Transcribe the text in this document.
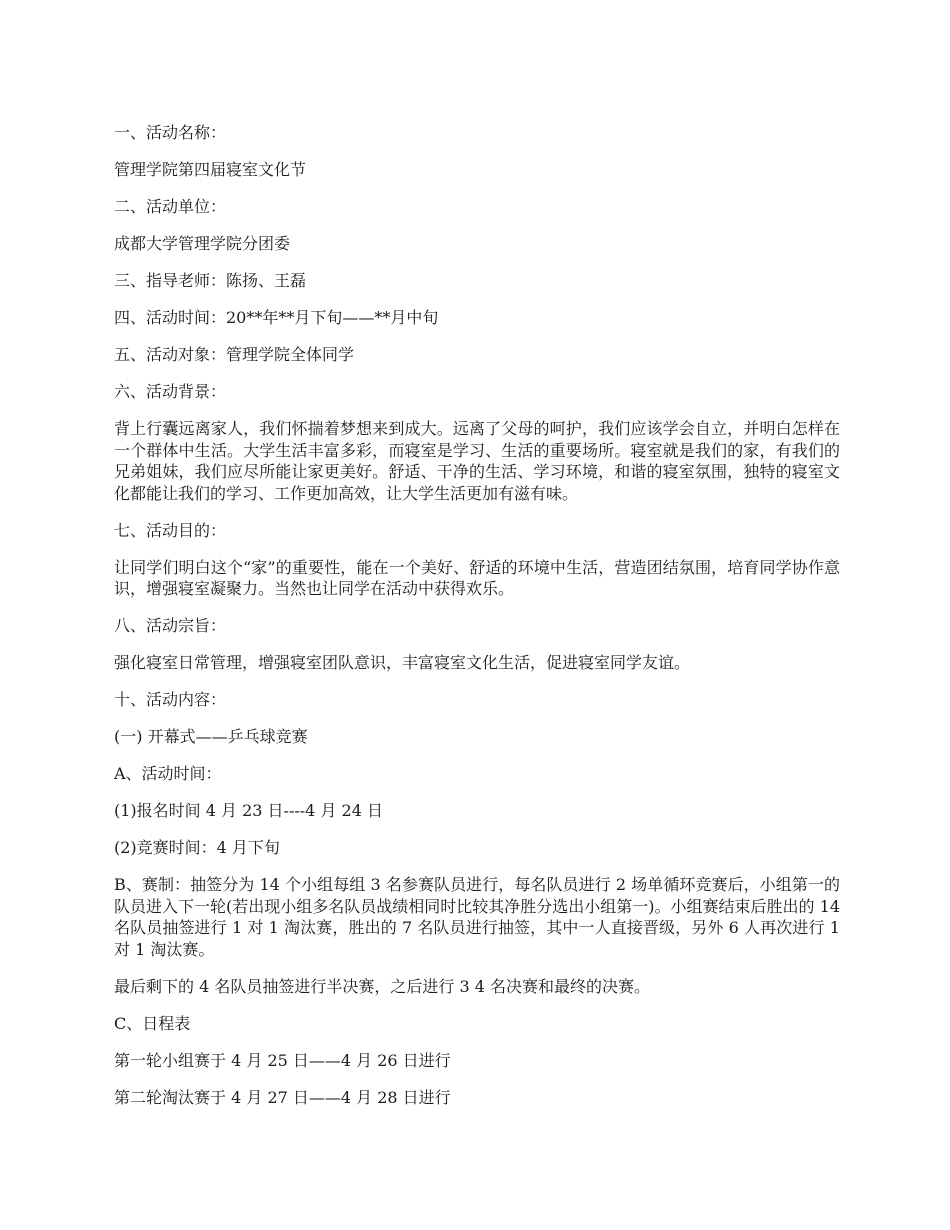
一、活动名称：

管理学院第四届寝室文化节

二、活动单位：

成都大学管理学院分团委

三、指导老师：陈扬、王磊

四、活动时间：20**年**月下旬——**月中旬

五、活动对象：管理学院全体同学

六、活动背景：

背上行囊远离家人，我们怀揣着梦想来到成大。远离了父母的呵护，我们应该学会自立，并明白怎样在一个群体中生活。大学生活丰富多彩，而寝室是学习、生活的重要场所。寝室就是我们的家，有我们的兄弟姐妹，我们应尽所能让家更美好。舒适、干净的生活、学习环境，和谐的寝室氛围，独特的寝室文化都能让我们的学习、工作更加高效，让大学生活更加有滋有味。

七、活动目的：

让同学们明白这个“家”的重要性，能在一个美好、舒适的环境中生活，营造团结氛围，培育同学协作意识，增强寝室凝聚力。当然也让同学在活动中获得欢乐。

八、活动宗旨：

强化寝室日常管理，增强寝室团队意识，丰富寝室文化生活，促进寝室同学友谊。

十、活动内容：

(一) 开幕式——乒乓球竞赛

A、活动时间：

(1)报名时间 4 月 23 日----4 月 24 日

(2)竞赛时间：4 月下旬

B、赛制：抽签分为 14 个小组每组 3 名参赛队员进行，每名队员进行 2 场单循环竞赛后，小组第一的队员进入下一轮(若出现小组多名队员战绩相同时比较其净胜分选出小组第一)。小组赛结束后胜出的 14 名队员抽签进行 1 对 1 淘汰赛，胜出的 7 名队员进行抽签，其中一人直接晋级，另外 6 人再次进行 1 对 1 淘汰赛。

最后剩下的 4 名队员抽签进行半决赛，之后进行 3 4 名决赛和最终的决赛。

C、日程表

第一轮小组赛于 4 月 25 日——4 月 26 日进行

第二轮淘汰赛于 4 月 27 日——4 月 28 日进行
